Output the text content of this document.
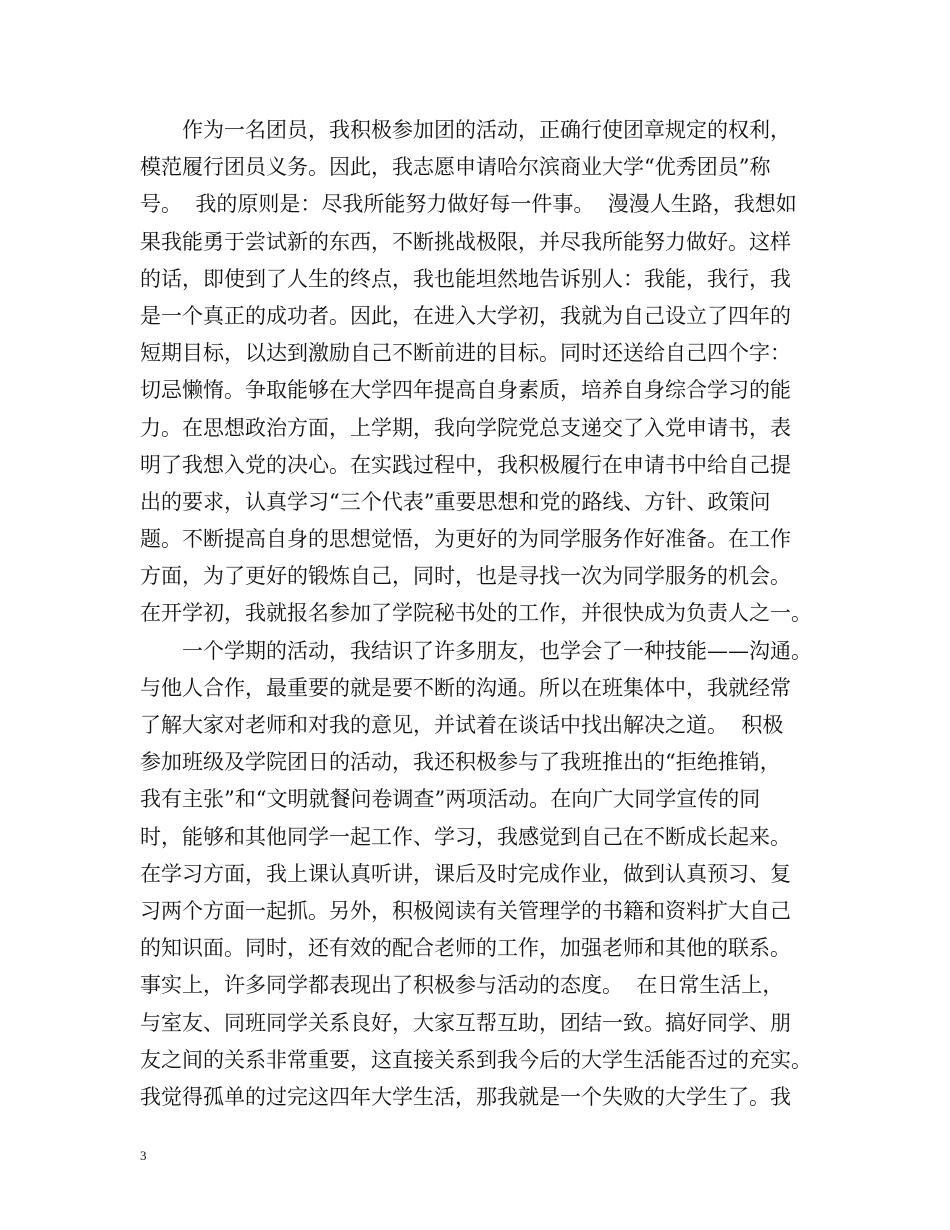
作为一名团员，我积极参加团的活动，正确行使团章规定的权利，
模范履行团员义务。因此，我志愿申请哈尔滨商业大学“优秀团员”称
号。  我的原则是：尽我所能努力做好每一件事。  漫漫人生路，我想如
果我能勇于尝试新的东西，不断挑战极限，并尽我所能努力做好。这样
的话，即使到了人生的终点，我也能坦然地告诉别人：我能，我行，我
是一个真正的成功者。因此，在进入大学初，我就为自己设立了四年的
短期目标，以达到激励自己不断前进的目标。同时还送给自己四个字：
切忌懒惰。争取能够在大学四年提高自身素质，培养自身综合学习的能
力。在思想政治方面，上学期，我向学院党总支递交了入党申请书，表
明了我想入党的决心。在实践过程中，我积极履行在申请书中给自己提
出的要求，认真学习“三个代表”重要思想和党的路线、方针、政策问
题。不断提高自身的思想觉悟，为更好的为同学服务作好准备。在工作
方面，为了更好的锻炼自己，同时，也是寻找一次为同学服务的机会。
在开学初，我就报名参加了学院秘书处的工作，并很快成为负责人之一。
一个学期的活动，我结识了许多朋友，也学会了一种技能——沟通。
与他人合作，最重要的就是要不断的沟通。所以在班集体中，我就经常
了解大家对老师和对我的意见，并试着在谈话中找出解决之道。  积极
参加班级及学院团日的活动，我还积极参与了我班推出的“拒绝推销，
我有主张”和“文明就餐问卷调查”两项活动。在向广大同学宣传的同
时，能够和其他同学一起工作、学习，我感觉到自己在不断成长起来。
在学习方面，我上课认真听讲，课后及时完成作业，做到认真预习、复
习两个方面一起抓。另外，积极阅读有关管理学的书籍和资料扩大自己
的知识面。同时，还有效的配合老师的工作，加强老师和其他的联系。
事实上，许多同学都表现出了积极参与活动的态度。  在日常生活上，
与室友、同班同学关系良好，大家互帮互助，团结一致。搞好同学、朋
友之间的关系非常重要，这直接关系到我今后的大学生活能否过的充实。
我觉得孤单的过完这四年大学生活，那我就是一个失败的大学生了。我
3
